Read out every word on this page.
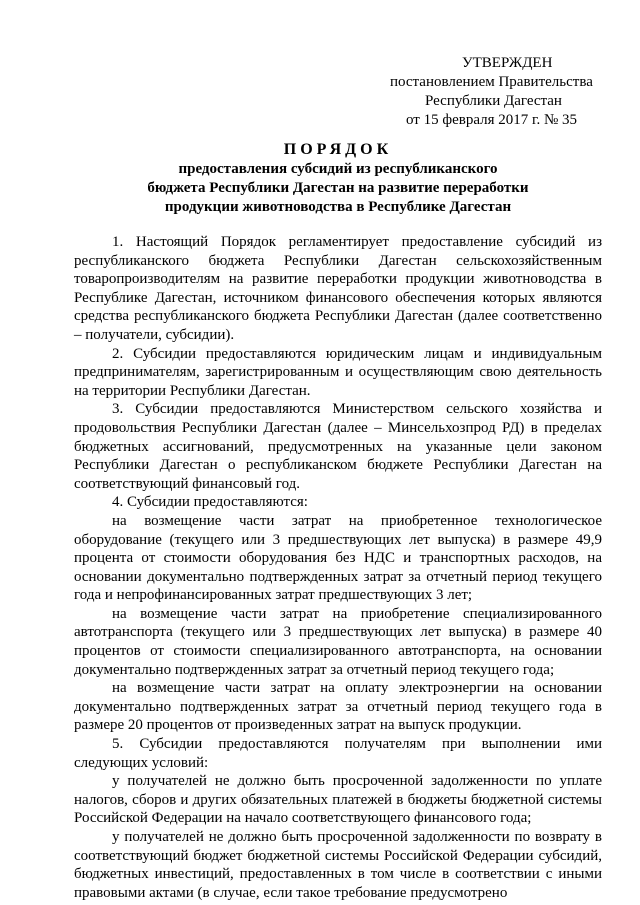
УТВЕРЖДЕН
постановлением Правительства
Республики Дагестан
от 15 февраля 2017 г. № 35
ПОРЯДОК
предоставления субсидий из республиканского
бюджета Республики Дагестан на развитие переработки
продукции животноводства в Республике Дагестан

1. Настоящий Порядок регламентирует предоставление субсидий из республиканского бюджета Республики Дагестан сельскохозяйственным товаропроизводителям на развитие переработки продукции животноводства в Республике Дагестан, источником финансового обеспечения которых являются средства республиканского бюджета Республики Дагестан (далее соответственно – получатели, субсидии).

2. Субсидии предоставляются юридическим лицам и индивидуальным предпринимателям, зарегистрированным и осуществляющим свою деятельность на территории Республики Дагестан.

3. Субсидии предоставляются Министерством сельского хозяйства и продовольствия Республики Дагестан (далее – Минсельхозпрод РД) в пределах бюджетных ассигнований, предусмотренных на указанные цели законом Республики Дагестан о республиканском бюджете Республики Дагестан на соответствующий финансовый год.

4. Субсидии предоставляются:

на возмещение части затрат на приобретенное технологическое оборудование (текущего или 3 предшествующих лет выпуска) в размере 49,9 процента от стоимости оборудования без НДС и транспортных расходов, на основании документально подтвержденных затрат за отчетный период текущего года и непрофинансированных затрат предшествующих 3 лет;

на возмещение части затрат на приобретение специализированного автотранспорта (текущего или 3 предшествующих лет выпуска) в размере 40 процентов от стоимости специализированного автотранспорта, на основании документально подтвержденных затрат за отчетный период текущего года;

на возмещение части затрат на оплату электроэнергии на основании документально подтвержденных затрат за отчетный период текущего года в размере 20 процентов от произведенных затрат на выпуск продукции.

5. Субсидии предоставляются получателям при выполнении ими следующих условий:

у получателей не должно быть просроченной задолженности по уплате налогов, сборов и других обязательных платежей в бюджеты бюджетной системы Российской Федерации на начало соответствующего финансового года;

у получателей не должно быть просроченной задолженности по возврату в соответствующий бюджет бюджетной системы Российской Федерации субсидий, бюджетных инвестиций, предоставленных в том числе в соответствии с иными правовыми актами (в случае, если такое требование предусмотрено
